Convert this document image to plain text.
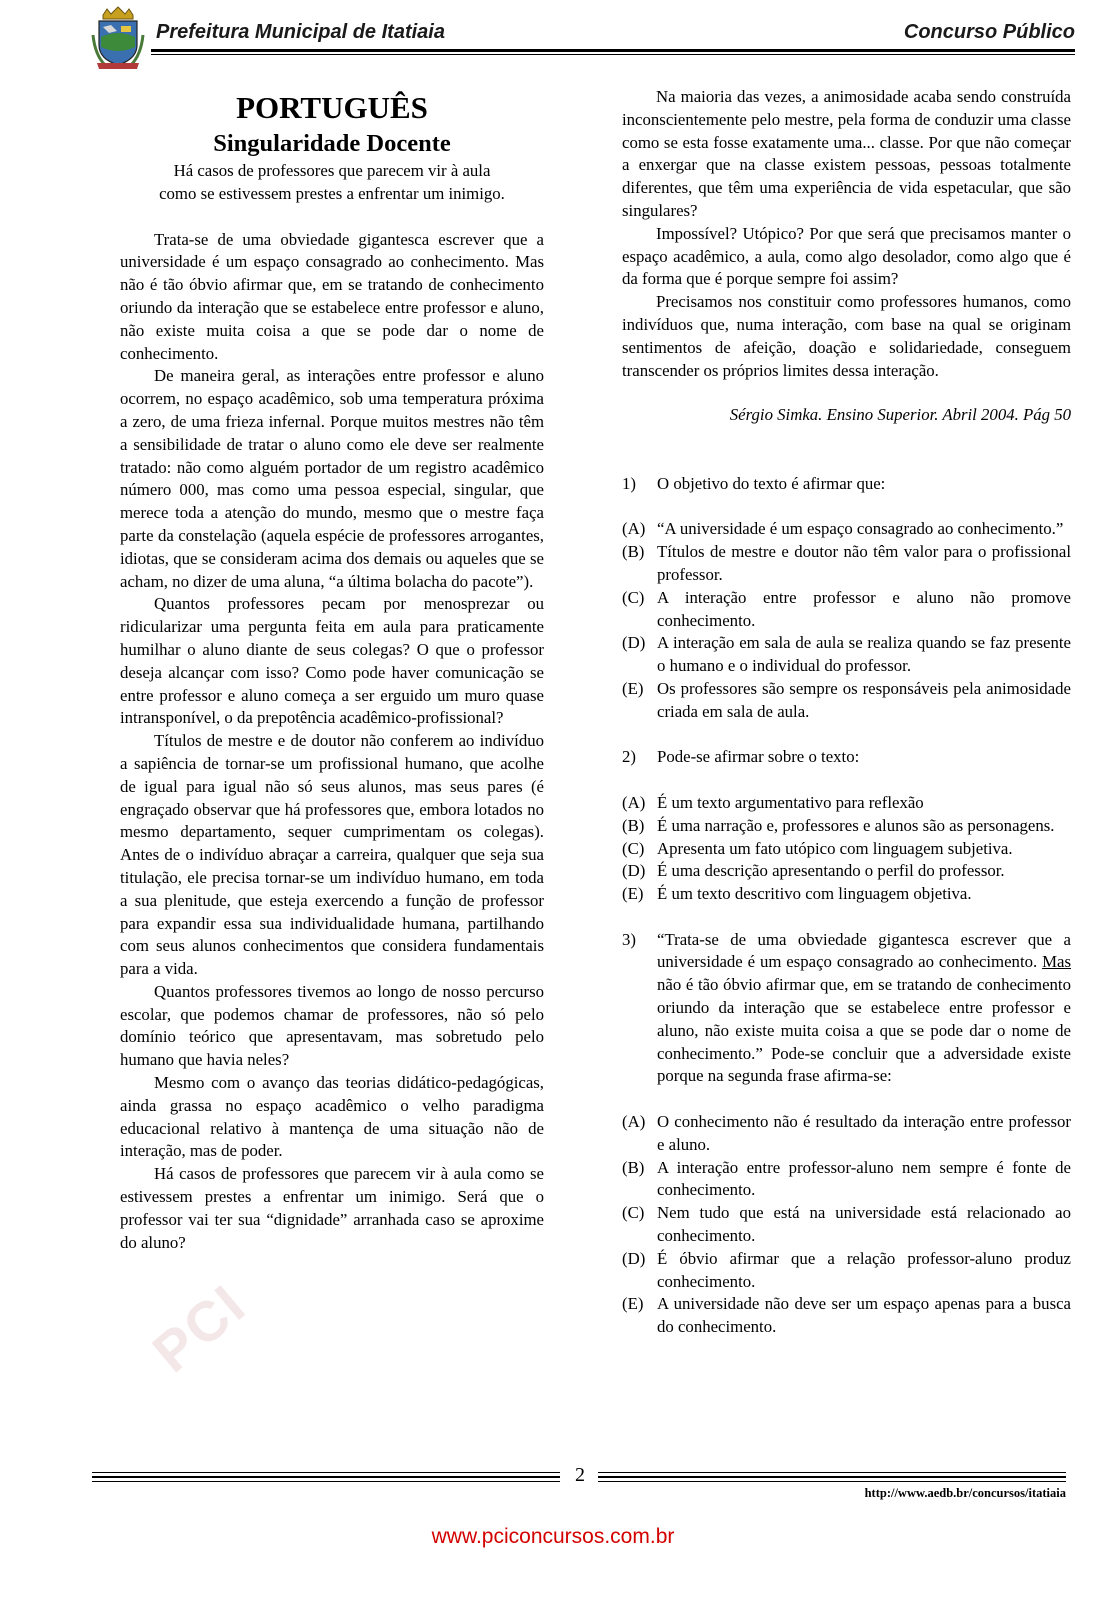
Prefeitura Municipal de Itatiaia	Concurso Público
PCI

PORTUGUÊS

Singularidade Docente

Há casos de professores que parecem vir à aula
como se estivessem prestes a enfrentar um inimigo.

Trata-se de uma obviedade gigantesca escrever que a universidade é um espaço consagrado ao conhecimento. Mas não é tão óbvio afirmar que, em se tratando de conhecimento oriundo da interação que se estabelece entre professor e aluno, não existe muita coisa a que se pode dar o nome de conhecimento.

De maneira geral, as interações entre professor e aluno ocorrem, no espaço acadêmico, sob uma temperatura próxima a zero, de uma frieza infernal. Porque muitos mestres não têm a sensibilidade de tratar o aluno como ele deve ser realmente tratado: não como alguém portador de um registro acadêmico número 000, mas como uma pessoa especial, singular, que merece toda a atenção do mundo, mesmo que o mestre faça parte da constelação (aquela espécie de professores arrogantes, idiotas, que se consideram acima dos demais ou aqueles que se acham, no dizer de uma aluna, “a última bolacha do pacote”).

Quantos professores pecam por menosprezar ou ridicularizar uma pergunta feita em aula para praticamente humilhar o aluno diante de seus colegas? O que o professor deseja alcançar com isso? Como pode haver comunicação se entre professor e aluno começa a ser erguido um muro quase intransponível, o da prepotência acadêmico-profissional?

Títulos de mestre e de doutor não conferem ao indivíduo a sapiência de tornar-se um profissional humano, que acolhe de igual para igual não só seus alunos, mas seus pares (é engraçado observar que há professores que, embora lotados no mesmo departamento, sequer cumprimentam os colegas). Antes de o indivíduo abraçar a carreira, qualquer que seja sua titulação, ele precisa tornar-se um indivíduo humano, em toda a sua plenitude, que esteja exercendo a função de professor para expandir essa sua individualidade humana, partilhando com seus alunos conhecimentos que considera fundamentais para a vida.

Quantos professores tivemos ao longo de nosso percurso escolar, que podemos chamar de professores, não só pelo domínio teórico que apresentavam, mas sobretudo pelo humano que havia neles?

Mesmo com o avanço das teorias didático-pedagógicas, ainda grassa no espaço acadêmico o velho paradigma educacional relativo à mantença de uma situação não de interação, mas de poder.

Há casos de professores que parecem vir à aula como se estivessem prestes a enfrentar um inimigo. Será que o professor vai ter sua “dignidade” arranhada caso se aproxime do aluno?

Na maioria das vezes, a animosidade acaba sendo construída inconscientemente pelo mestre, pela forma de conduzir uma classe como se esta fosse exatamente uma... classe. Por que não começar a enxergar que na classe existem pessoas, pessoas totalmente diferentes, que têm uma experiência de vida espetacular, que são singulares?

Impossível? Utópico? Por que será que precisamos manter o espaço acadêmico, a aula, como algo desolador, como algo que é da forma que é porque sempre foi assim?

Precisamos nos constituir como professores humanos, como indivíduos que, numa interação, com base na qual se originam sentimentos de afeição, doação e solidariedade, conseguem transcender os próprios limites dessa interação.

Sérgio Simka. Ensino Superior. Abril 2004. Pág 50

1)	O objetivo do texto é afirmar que:
(A) “A universidade é um espaço consagrado ao conhecimento.”
(B) Títulos de mestre e doutor não têm valor para o profissional professor.
(C) A interação entre professor e aluno não promove conhecimento.
(D) A interação em sala de aula se realiza quando se faz presente o humano e o individual do professor.
(E) Os professores são sempre os responsáveis pela animosidade criada em sala de aula.
2)	Pode-se afirmar sobre o texto:
(A) É um texto argumentativo para reflexão
(B) É uma narração e, professores e alunos são as personagens.
(C) Apresenta um fato utópico com linguagem subjetiva.
(D) É uma descrição apresentando o perfil do professor.
(E) É um texto descritivo com linguagem objetiva.
3)	“Trata-se de uma obviedade gigantesca escrever que a universidade é um espaço consagrado ao conhecimento. Mas não é tão óbvio afirmar que, em se tratando de conhecimento oriundo da interação que se estabelece entre professor e aluno, não existe muita coisa a que se pode dar o nome de conhecimento.” Pode-se concluir que a adversidade existe porque na segunda frase afirma-se:
(A) O conhecimento não é resultado da interação entre professor e aluno.
(B) A interação entre professor-aluno nem sempre é fonte de conhecimento.
(C) Nem tudo que está na universidade está relacionado ao conhecimento.
(D) É óbvio afirmar que a relação professor-aluno produz conhecimento.
(E) A universidade não deve ser um espaço apenas para a busca do conhecimento.
2
http://www.aedb.br/concursos/itatiaia
www.pciconcursos.com.br
